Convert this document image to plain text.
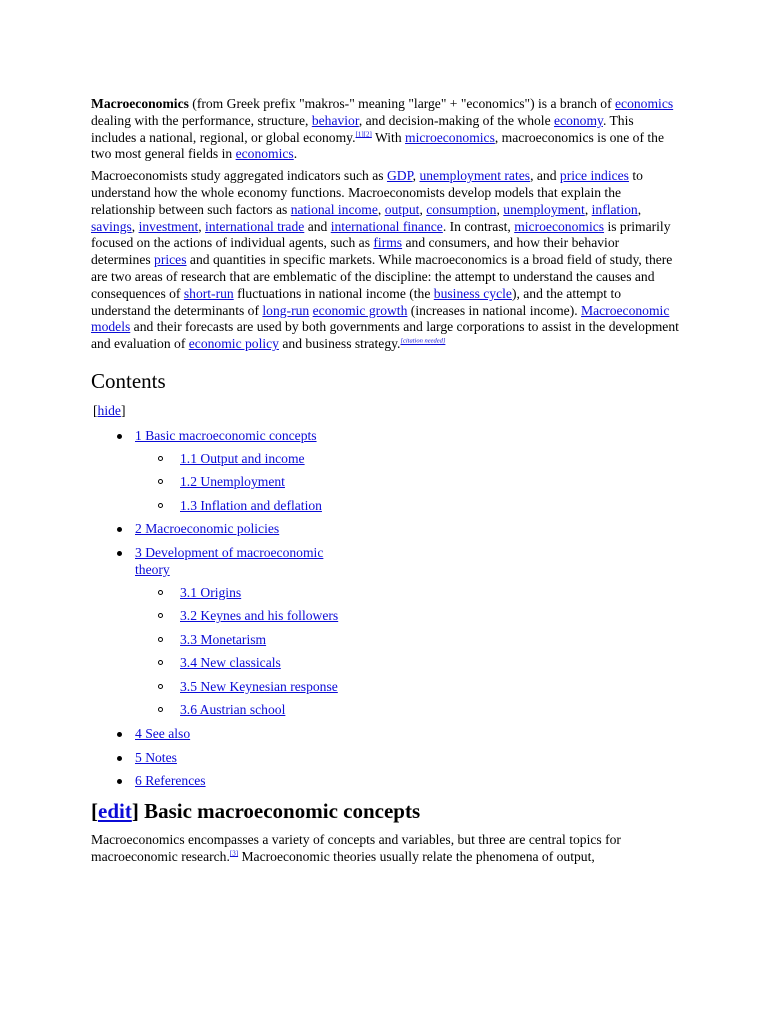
Macroeconomics (from Greek prefix "makros-" meaning "large" + "economics") is a branch of economics dealing with the performance, structure, behavior, and decision-making of the whole economy. This includes a national, regional, or global economy.[1][2] With microeconomics, macroeconomics is one of the two most general fields in economics.

Macroeconomists study aggregated indicators such as GDP, unemployment rates, and price indices to understand how the whole economy functions. Macroeconomists develop models that explain the relationship between such factors as national income, output, consumption, unemployment, inflation, savings, investment, international trade and international finance. In contrast, microeconomics is primarily focused on the actions of individual agents, such as firms and consumers, and how their behavior determines prices and quantities in specific markets. While macroeconomics is a broad field of study, there are two areas of research that are emblematic of the discipline: the attempt to understand the causes and consequences of short-run fluctuations in national income (the business cycle), and the attempt to understand the determinants of long-run economic growth (increases in national income). Macroeconomic models and their forecasts are used by both governments and large corporations to assist in the development and evaluation of economic policy and business strategy.[citation needed]

Contents
[hide]
1 Basic macroeconomic concepts
1.1 Output and income
1.2 Unemployment
1.3 Inflation and deflation
2 Macroeconomic policies
3 Development of macroeconomic theory
3.1 Origins
3.2 Keynes and his followers
3.3 Monetarism
3.4 New classicals
3.5 New Keynesian response
3.6 Austrian school
4 See also
5 Notes
6 References
[edit] Basic macroeconomic concepts

Macroeconomics encompasses a variety of concepts and variables, but three are central topics for macroeconomic research.[3] Macroeconomic theories usually relate the phenomena of output,
